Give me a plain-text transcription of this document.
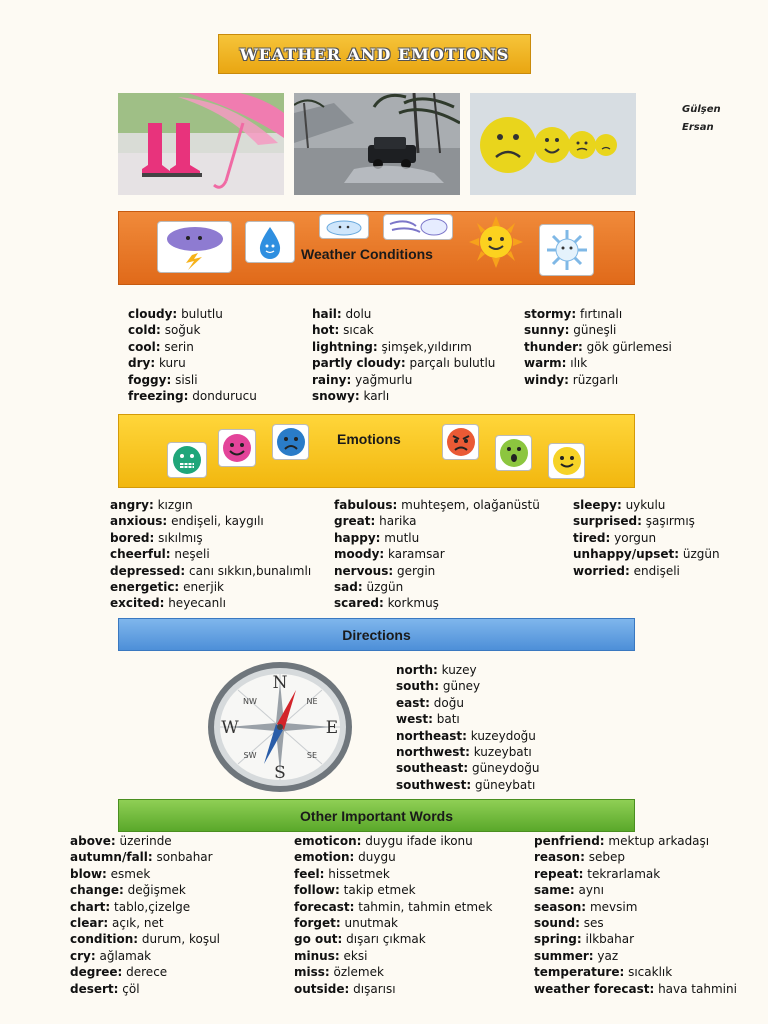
WEATHER AND EMOTIONS
Gülşen
Ersan
Weather Conditions
cloudy: bulutlu
cold: soğuk
cool: serin
dry: kuru
foggy: sisli
freezing: dondurucu
hail: dolu
hot: sıcak
lightning: şimşek,yıldırım
partly cloudy: parçalı bulutlu
rainy: yağmurlu
snowy: karlı
stormy: fırtınalı
sunny: güneşli
thunder: gök gürlemesi
warm: ılık
windy: rüzgarlı
Emotions
angry: kızgın
anxious: endişeli, kaygılı
bored: sıkılmış
cheerful: neşeli
depressed: canı sıkkın,bunalımlı
energetic: enerjik
excited: heyecanlı
fabulous: muhteşem, olağanüstü
great: harika
happy: mutlu
moody: karamsar
nervous: gergin
sad: üzgün
scared: korkmuş
sleepy: uykulu
surprised: şaşırmış
tired: yorgun
unhappy/upset: üzgün
worried: endişeli
Directions
N
S
E
W
NE
NW
SE
SW
north: kuzey
south: güney
east: doğu
west: batı
northeast: kuzeydoğu
northwest: kuzeybatı
southeast: güneydoğu
southwest: güneybatı
Other Important Words
above: üzerinde
autumn/fall: sonbahar
blow: esmek
change: değişmek
chart: tablo,çizelge
clear: açık, net
condition: durum, koşul
cry: ağlamak
degree: derece
desert: çöl
emoticon: duygu ifade ikonu
emotion: duygu
feel: hissetmek
follow: takip etmek
forecast: tahmin, tahmin etmek
forget: unutmak
go out: dışarı çıkmak
minus: eksi
miss: özlemek
outside: dışarısı
penfriend: mektup arkadaşı
reason: sebep
repeat: tekrarlamak
same: aynı
season: mevsim
sound: ses
spring: ilkbahar
summer: yaz
temperature: sıcaklık
weather forecast: hava tahmini
